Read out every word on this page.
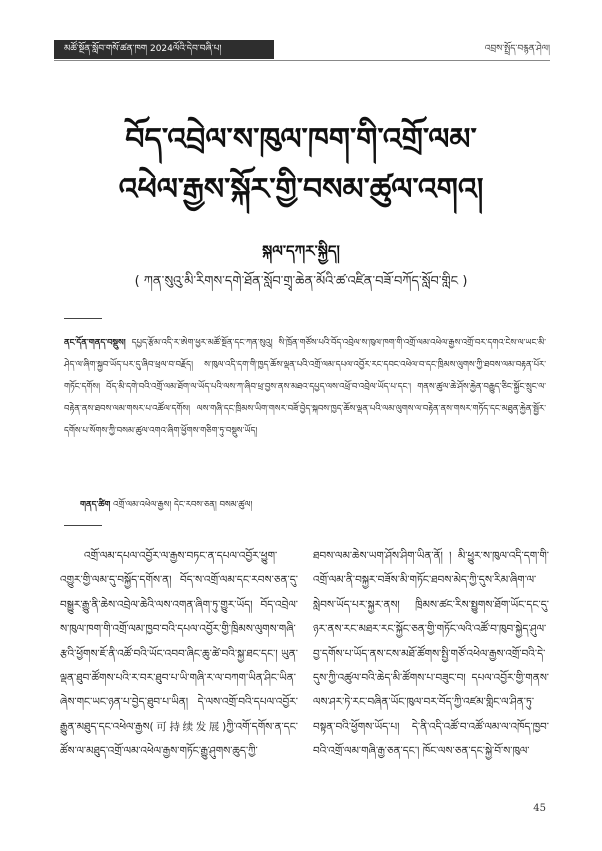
མཚོ་སྔོན་སློབ་གསོ་ཚན་ཁག 2024ལོའི་དེབ་བཞི་པ།	འབྲས་སྤྲོད་བརྙན་ཤེལ།
བོད་འབྲེལ་ས་ཁུལ་ཁག་གི་འགྲོ་ལམ་
འཕེལ་རྒྱས་སྐོར་གྱི་བསམ་ཚུལ་འགའ།
སྐལ་དཀར་སྐྱིད།
( ཀན་སུའུ་མི་རིགས་དགེ་ཐོན་སློབ་གྲྭ་ཆེན་མོའི་ཚ་འཛིན་བཟོ་བཀོད་སློབ་གླིང )
ནང་དོན་གནད་བསྡུས། དཔྱད་རྩོམ་འདི་ར་ཨེག་ཕྱར་མཚོ་སྔོན་དང་ཀན་སུའུ། སི་ཁྲོན་གཙོས་པའི་བོད་འབྲེལ་ས་ཁུལ་ཁག་གི་འགྲོ་ལམ་འཕེལ་རྒྱས་འགྲོ་བར་དགའ་ངེས་ལ་ཡང་མི་ཤེད་ལ་ཞིག་སྐྱབ་ཡོད་པར་དུ་ཞིབ་ཕྲལ་བ་བརྗོད། ས་ཁུལ་འདི་དག་གི་ཁྱད་ཆོས་ལྡན་པའི་འགྲོ་ལམ་དཔལ་འབྱོར་རང་དབང་འཕེལ་བ་དང་ཁྲིམས་ལུགས་ཀྱི་ཐབས་ལམ་བརྟན་པོར་གཏོང་དགོས། བོད་མི་དགེ་བའི་འགྲོ་ལམ་ཐོག་ལ་ཡོད་པའི་ལས་ཀ་ཞིབ་ཕྲ་བྱས་ནས་མཐའ་དཔྱད་ལས་འཕྲོ་བ་འབྲེལ་ཡོད་པ་དང་། གནས་ཚུལ་ཆེ་ཤོས་རྐྱེན་བརྒྱུད་ཅིང་སྐྱོང་སྲུང་ལ་བརྟེན་ནས་ཐབས་ལམ་གསར་པ་འཚོལ་དགོས། ལས་གཞི་དང་ཁྲིམས་ཡིག་གསར་བཟོ་བྱེད་སྐབས་ཁྱད་ཆོས་ལྡན་པའི་ལམ་ལུགས་ལ་བརྟེན་ནས་གསར་གཏོད་དང་མཐུན་རྐྱེན་སྦྱོར་དགོས་པ་སོགས་ཀྱི་བསམ་ཚུལ་འགའ་ཞིག་ཕྱོགས་གཅིག་ཏུ་བསྡུས་ཡོད།
གནད་ཚིག འགྲོ་ལམ་འཕེལ་རྒྱས། དེང་རབས་ཅན། བསམ་ཚུལ།
འགྲོ་ལམ་དཔལ་འབྱོར་ལ་རྒྱས་བཏང་ན་དཔལ་འབྱོར་ཕྱུག་འགྱུར་གྱི་ལམ་དུ་བསྐྱོད་དགོས་ན། བོད་ས་འགྲོ་ལམ་དང་རབས་ཅན་དུ་བསྒྱུར་རྒྱུ་ནི་ཆེས་འབྲེལ་ཆེའི་ལས་འགན་ཞིག་ཏུ་གྱུར་ཡོད། བོད་འབྲེལ་ས་ཁུལ་ཁག་གི་འགྲོ་ལམ་ཁྱབ་བའི་དཔལ་འབྱོར་གྱི་ཁྲིམས་ལུགས་གཞི་རྩའི་ཕྱོགས་ཇོ་ནི་འཚོ་བའི་ཡོང་འབབ་ཞིང་ཆུ་ཚེ་བའི་སྐྱ་ཐང་དང་། ཡུན་ལྡན་ཐུབ་ཚོགས་པའི་ར་བར་ཐུབ་པ་ཡི་གཞི་ར་ལ་བཀག་ཡིན་ཤིང་ཡིན་ཞེས་གང་ཡང་ཉན་པ་བྱེད་ཐུབ་པ་ཡིན། དེ་ལས་འགྲོ་བའི་དཔལ་འབྱོར་རྒྱུན་མཐུད་དང་འཕེལ་རྒྱས(可持续发展)ཀྱི་འགོ་དགོས་ན་དང་ཚོས་ལ་མཐུད་འགྲོ་ལམ་འཕེལ་རྒྱས་གཏོང་རྒྱུ་ཤུགས་ཆུད་ཀྱི་
ཐབས་ལམ་ཆེས་ཡག་ཤོས་ཤིག་ཡིན་ནོ། ། མི་ཕྱུར་ས་ཁུལ་འདི་དག་གི་འགྲོ་ལམ་ནི་བསྐྱར་བཟོས་མི་གཏོང་ཐབས་མེད་ཀྱི་དུས་རིམ་ཞིག་ལ་སླེབས་ཡོད་པར་སྐྱར་ནས། ཁྲིམས་ཚང་རིས་སྤྱུགས་ཐོག་ཡོང་དང་དུ་ཉར་ནས་རང་མཐར་རང་སྐྱོང་ཅན་གྱི་གཏོང་ལའི་འཚོ་བ་ཁུབ་སྐྱེད་ཤུལ་བྱ་དགོས་པ་ཡོད་ནས་ངས་མཐོ་ཚོགས་སྤྱི་གཙོ་འཕེལ་རྒྱས་འགྲོ་བའི་དེ་དུས་ཀྱི་འཚུལ་བའི་ཆེད་མི་ཚོགས་པ་བཟུང་བ། དཔལ་འབྱོར་གྱི་གནས་ལས་ཤར་ཏེ་རང་བཞིན་ཡོང་ཁུལ་བར་བོད་ཀྱི་འཛམ་གླིང་ལ་ཤིན་ཏུ་བསྟན་བའི་ཕྱོགས་ཡོད་པ། དེ་ནི་འདི་འཚོ་བ་འཚོ་ལམ་ལ་འཁོད་ཁྱབ་བའི་འགྲོ་ལམ་གཞི་རྒྱ་ཅན་དང་། ཁོང་ལས་ཅན་དང་སྐྱེ་བོ་ས་ཁུལ་
45
